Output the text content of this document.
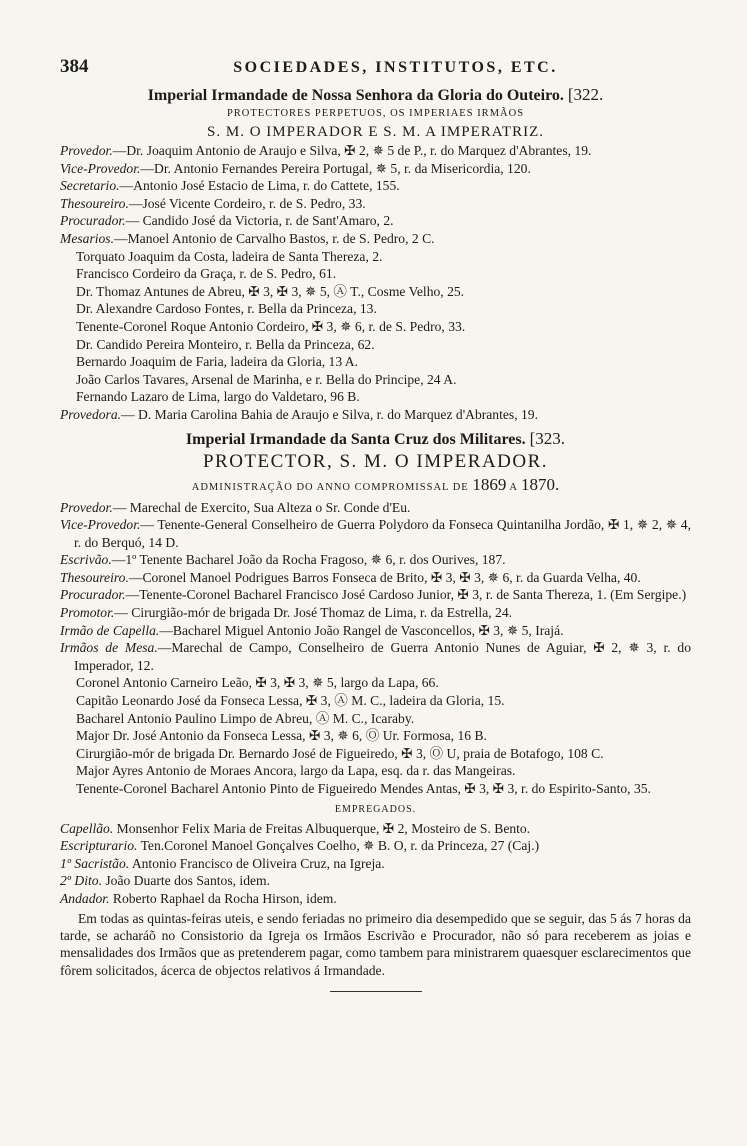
384	SOCIEDADES, INSTITUTOS, ETC.
Imperial Irmandade de Nossa Senhora da Gloria do Outeiro. [322.
PROTECTORES PERPETUOS, OS IMPERIAES IRMÃOS
S. M. O IMPERADOR E S. M. A IMPERATRIZ.
Provedor.—Dr. Joaquim Antonio de Araujo e Silva, ✠ 2, ✵ 5 de P., r. do Marquez d'Abrantes, 19.
Vice-Provedor.—Dr. Antonio Fernandes Pereira Portugal, ✵ 5, r. da Misericordia, 120.
Secretario.—Antonio José Estacio de Lima, r. do Cattete, 155.
Thesoureiro.—José Vicente Cordeiro, r. de S. Pedro, 33.
Procurador.— Candido José da Victoria, r. de Sant'Amaro, 2.
Mesarios.—Manoel Antonio de Carvalho Bastos, r. de S. Pedro, 2 C.
Torquato Joaquim da Costa, ladeira de Santa Thereza, 2.
Francisco Cordeiro da Graça, r. de S. Pedro, 61.
Dr. Thomaz Antunes de Abreu, ✠ 3, ✠ 3, ✵ 5, Ⓐ T., Cosme Velho, 25.
Dr. Alexandre Cardoso Fontes, r. Bella da Princeza, 13.
Tenente-Coronel Roque Antonio Cordeiro, ✠ 3, ✵ 6, r. de S. Pedro, 33.
Dr. Candido Pereira Monteiro, r. Bella da Princeza, 62.
Bernardo Joaquim de Faria, ladeira da Gloria, 13 A.
João Carlos Tavares, Arsenal de Marinha, e r. Bella do Principe, 24 A.
Fernando Lazaro de Lima, largo do Valdetaro, 96 B.
Provedora.— D. Maria Carolina Bahia de Araujo e Silva, r. do Marquez d'Abrantes, 19.
Imperial Irmandade da Santa Cruz dos Militares. [323.
PROTECTOR, S. M. O IMPERADOR.
ADMINISTRAÇÃO DO ANNO COMPROMISSAL DE 1869 A 1870.
Provedor.— Marechal de Exercito, Sua Alteza o Sr. Conde d'Eu.
Vice-Provedor.— Tenente-General Conselheiro de Guerra Polydoro da Fonseca Quintanilha Jordão, ✠ 1, ✵ 2, ✵ 4, r. do Berquó, 14 D.
Escrivão.—1º Tenente Bacharel João da Rocha Fragoso, ✵ 6, r. dos Ourives, 187.
Thesoureiro.—Coronel Manoel Podrigues Barros Fonseca de Brito, ✠ 3, ✠ 3, ✵ 6, r. da Guarda Velha, 40.
Procurador.—Tenente-Coronel Bacharel Francisco José Cardoso Junior, ✠ 3, r. de Santa Thereza, 1. (Em Sergipe.)
Promotor.— Cirurgião-mór de brigada Dr. José Thomaz de Lima, r. da Estrella, 24.
Irmão de Capella.—Bacharel Miguel Antonio João Rangel de Vasconcellos, ✠ 3, ✵ 5, Irajá.
Irmãos de Mesa.—Marechal de Campo, Conselheiro de Guerra Antonio Nunes de Aguiar, ✠ 2, ✵ 3, r. do Imperador, 12.
Coronel Antonio Carneiro Leão, ✠ 3, ✠ 3, ✵ 5, largo da Lapa, 66.
Capitão Leonardo José da Fonseca Lessa, ✠ 3, Ⓐ M. C., ladeira da Gloria, 15.
Bacharel Antonio Paulino Limpo de Abreu, Ⓐ M. C., Icaraby.
Major Dr. José Antonio da Fonseca Lessa, ✠ 3, ✵ 6, Ⓞ Ur. Formosa, 16 B.
Cirurgião-mór de brigada Dr. Bernardo José de Figueiredo, ✠ 3, Ⓞ U, praia de Botafogo, 108 C.
Major Ayres Antonio de Moraes Ancora, largo da Lapa, esq. da r. das Mangeiras.
Tenente-Coronel Bacharel Antonio Pinto de Figueiredo Mendes Antas, ✠ 3, ✠ 3, r. do Espirito-Santo, 35.
EMPREGADOS.
Capellão. Monsenhor Felix Maria de Freitas Albuquerque, ✠ 2, Mosteiro de S. Bento.
Escripturario. Ten.Coronel Manoel Gonçalves Coelho, ✵ B. O, r. da Princeza, 27 (Caj.)
1º Sacristão. Antonio Francisco de Oliveira Cruz, na Igreja.
2º Dito. João Duarte dos Santos, idem.
Andador. Roberto Raphael da Rocha Hirson, idem.
Em todas as quintas-feiras uteis, e sendo feriadas no primeiro dia desempedido que se seguir, das 5 ás 7 horas da tarde, se acharáõ no Consistorio da Igreja os Irmãos Escrivão e Procurador, não só para receberem as joias e mensalidades dos Irmãos que as pretenderem pagar, como tambem para ministrarem quaesquer esclarecimentos que fôrem solicitados, ácerca de objectos relativos á Irmandade.
